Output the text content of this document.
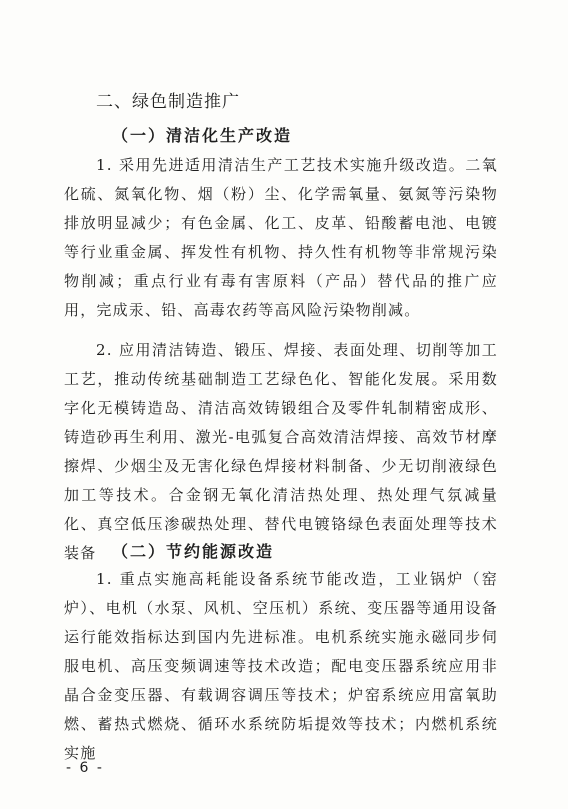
二、绿色制造推广
（一）清洁化生产改造

1. 采用先进适用清洁生产工艺技术实施升级改造。二氧化硫、氮氧化物、烟（粉）尘、化学需氧量、氨氮等污染物排放明显减少；有色金属、化工、皮革、铅酸蓄电池、电镀等行业重金属、挥发性有机物、持久性有机物等非常规污染物削减；重点行业有毒有害原料（产品）替代品的推广应用，完成汞、铅、高毒农药等高风险污染物削减。

2. 应用清洁铸造、锻压、焊接、表面处理、切削等加工工艺，推动传统基础制造工艺绿色化、智能化发展。采用数字化无模铸造岛、清洁高效铸锻组合及零件轧制精密成形、铸造砂再生利用、激光-电弧复合高效清洁焊接、高效节材摩擦焊、少烟尘及无害化绿色焊接材料制备、少无切削液绿色加工等技术。合金钢无氧化清洁热处理、热处理气氛减量化、真空低压渗碳热处理、替代电镀铬绿色表面处理等技术装备 （二）节约能源改造

1. 重点实施高耗能设备系统节能改造，工业锅炉（窑炉）、电机（水泵、风机、空压机）系统、变压器等通用设备运行能效指标达到国内先进标准。电机系统实施永磁同步伺服电机、高压变频调速等技术改造；配电变压器系统应用非晶合金变压器、有载调容调压等技术；炉窑系统应用富氧助燃、蓄热式燃烧、循环水系统防垢提效等技术；内燃机系统实施

- 6 -
